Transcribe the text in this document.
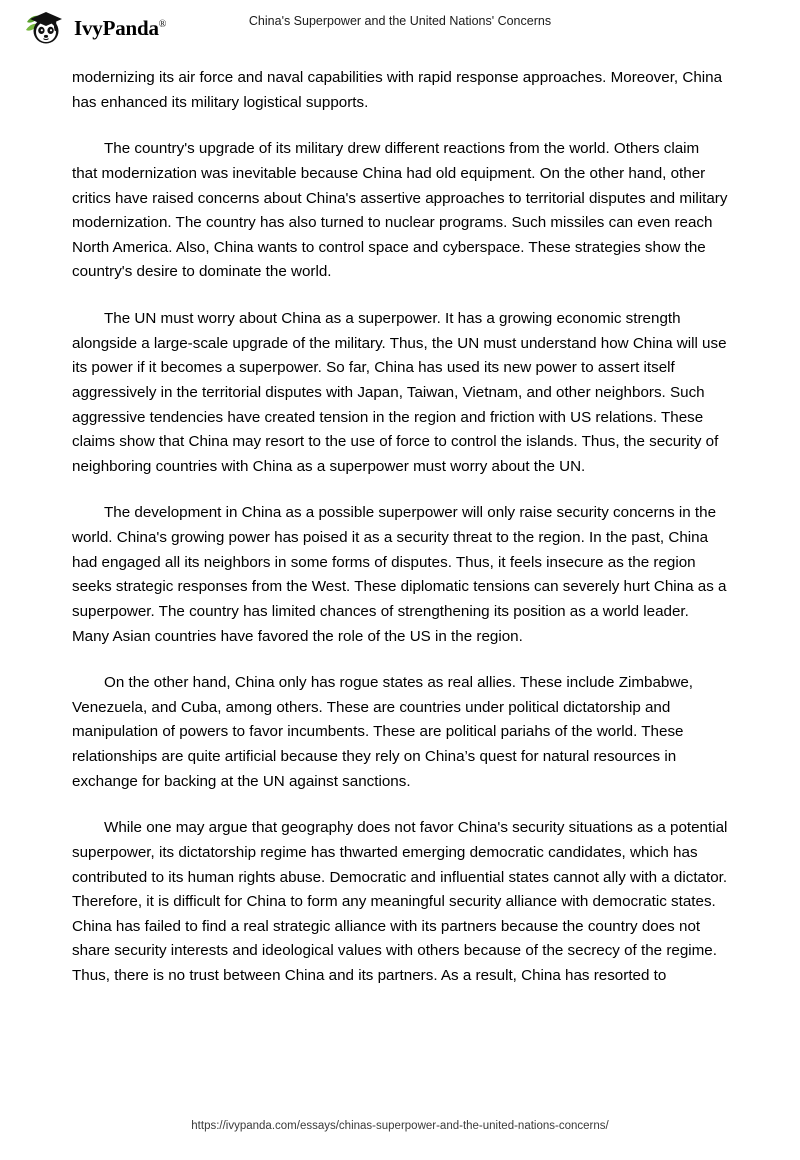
IvyPanda®	China's Superpower and the United Nations' Concerns

modernizing its air force and naval capabilities with rapid response approaches. Moreover, China has enhanced its military logistical supports.

The country's upgrade of its military drew different reactions from the world. Others claim that modernization was inevitable because China had old equipment. On the other hand, other critics have raised concerns about China's assertive approaches to territorial disputes and military modernization. The country has also turned to nuclear programs. Such missiles can even reach North America. Also, China wants to control space and cyberspace. These strategies show the country's desire to dominate the world.

The UN must worry about China as a superpower. It has a growing economic strength alongside a large-scale upgrade of the military. Thus, the UN must understand how China will use its power if it becomes a superpower. So far, China has used its new power to assert itself aggressively in the territorial disputes with Japan, Taiwan, Vietnam, and other neighbors. Such aggressive tendencies have created tension in the region and friction with US relations. These claims show that China may resort to the use of force to control the islands. Thus, the security of neighboring countries with China as a superpower must worry about the UN.

The development in China as a possible superpower will only raise security concerns in the world. China's growing power has poised it as a security threat to the region. In the past, China had engaged all its neighbors in some forms of disputes. Thus, it feels insecure as the region seeks strategic responses from the West. These diplomatic tensions can severely hurt China as a superpower. The country has limited chances of strengthening its position as a world leader. Many Asian countries have favored the role of the US in the region.

On the other hand, China only has rogue states as real allies. These include Zimbabwe, Venezuela, and Cuba, among others. These are countries under political dictatorship and manipulation of powers to favor incumbents. These are political pariahs of the world. These relationships are quite artificial because they rely on China’s quest for natural resources in exchange for backing at the UN against sanctions.

While one may argue that geography does not favor China's security situations as a potential superpower, its dictatorship regime has thwarted emerging democratic candidates, which has contributed to its human rights abuse. Democratic and influential states cannot ally with a dictator. Therefore, it is difficult for China to form any meaningful security alliance with democratic states. China has failed to find a real strategic alliance with its partners because the country does not share security interests and ideological values with others because of the secrecy of the regime. Thus, there is no trust between China and its partners. As a result, China has resorted to

https://ivypanda.com/essays/chinas-superpower-and-the-united-nations-concerns/
